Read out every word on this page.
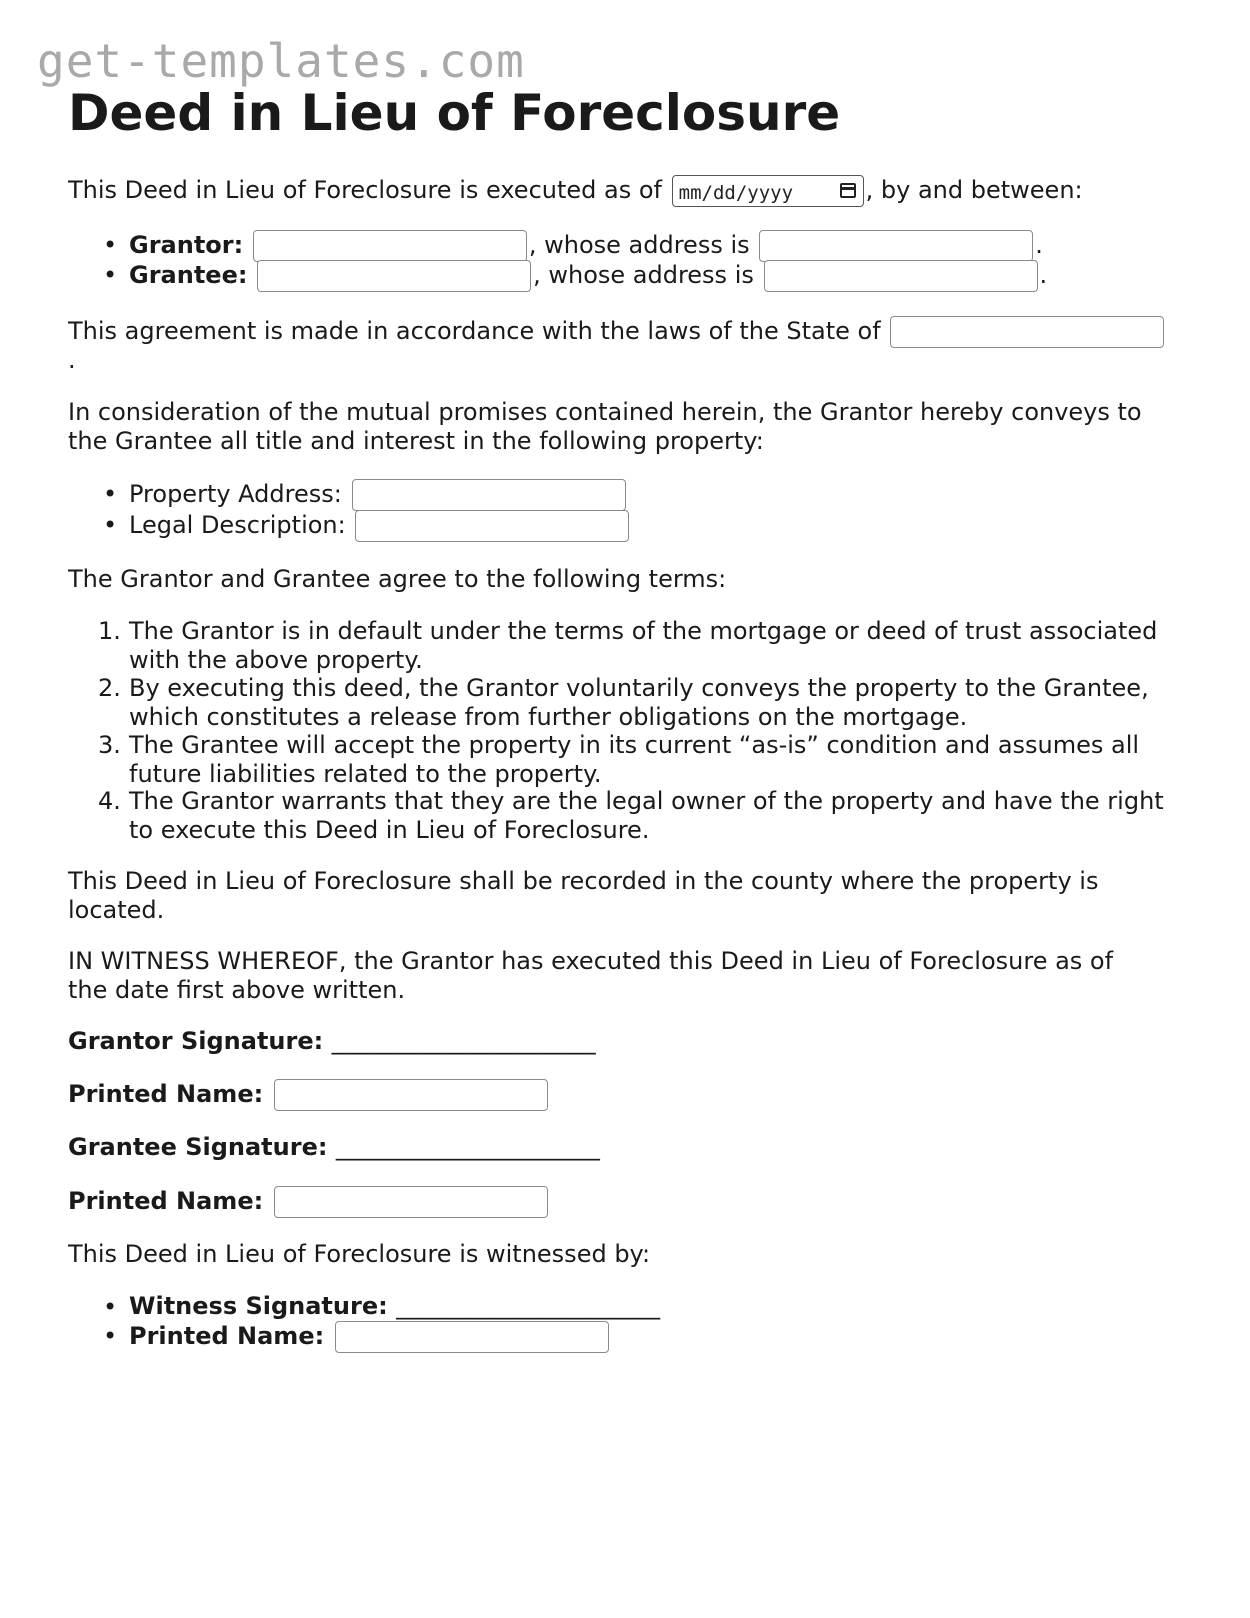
get-templates.com
Deed in Lieu of Foreclosure
This Deed in Lieu of Foreclosure is executed as of mm/dd/yyyy	, by and between:
• Grantor:	, whose address is	.
• Grantee:	, whose address is	.
This agreement is made in accordance with the laws of the State of
.
In consideration of the mutual promises contained herein, the Grantor hereby conveys to the Grantee all title and interest in the following property:
• Property Address:
• Legal Description:
The Grantor and Grantee agree to the following terms:
1. The Grantor is in default under the terms of the mortgage or deed of trust associated with the above property.
2. By executing this deed, the Grantor voluntarily conveys the property to the Grantee, which constitutes a release from further obligations on the mortgage.
3. The Grantee will accept the property in its current “as-is” condition and assumes all future liabilities related to the property.
4. The Grantor warrants that they are the legal owner of the property and have the right to execute this Deed in Lieu of Foreclosure.
This Deed in Lieu of Foreclosure shall be recorded in the county where the property is located.
IN WITNESS WHEREOF, the Grantor has executed this Deed in Lieu of Foreclosure as of the date first above written.
Grantor Signature: ______________________
Printed Name:
Grantee Signature: ______________________
Printed Name:
This Deed in Lieu of Foreclosure is witnessed by:
• Witness Signature: ______________________
• Printed Name:
